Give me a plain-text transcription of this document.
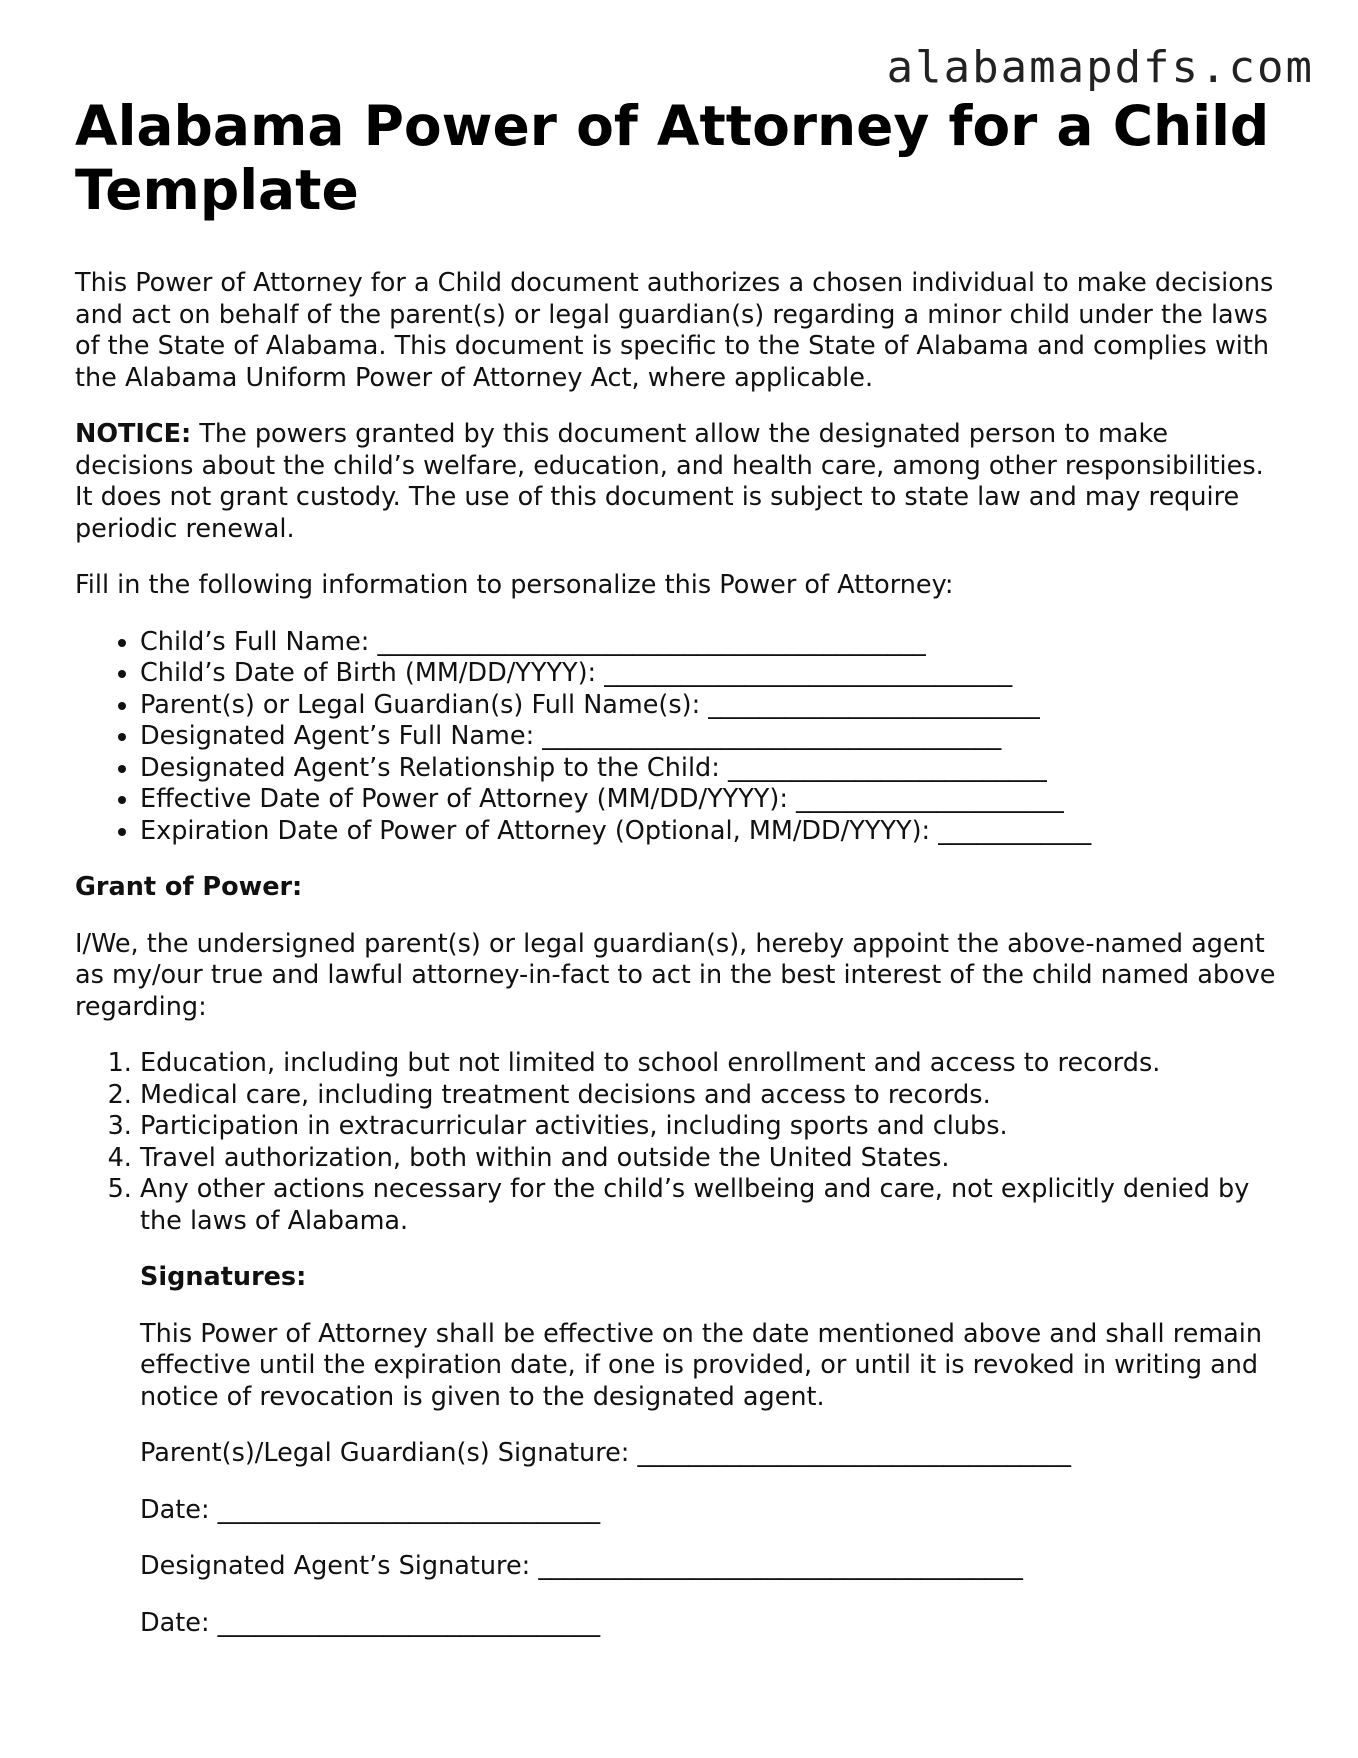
alabamapdfs.com
Alabama Power of Attorney for a Child Template

This Power of Attorney for a Child document authorizes a chosen individual to make decisions and act on behalf of the parent(s) or legal guardian(s) regarding a minor child under the laws of the State of Alabama. This document is specific to the State of Alabama and complies with the Alabama Uniform Power of Attorney Act, where applicable.

NOTICE: The powers granted by this document allow the designated person to make decisions about the child’s welfare, education, and health care, among other responsibilities. It does not grant custody. The use of this document is subject to state law and may require periodic renewal.

Fill in the following information to personalize this Power of Attorney:

• Child’s Full Name: ___________________________________________
• Child’s Date of Birth (MM/DD/YYYY): ________________________________
• Parent(s) or Legal Guardian(s) Full Name(s): __________________________
• Designated Agent’s Full Name: ____________________________________
• Designated Agent’s Relationship to the Child: _________________________
• Effective Date of Power of Attorney (MM/DD/YYYY): _____________________
• Expiration Date of Power of Attorney (Optional, MM/DD/YYYY): ____________
Grant of Power:

I/We, the undersigned parent(s) or legal guardian(s), hereby appoint the above-named agent as my/our true and lawful attorney-in-fact to act in the best interest of the child named above regarding:

1. Education, including but not limited to school enrollment and access to records.
2. Medical care, including treatment decisions and access to records.
3. Participation in extracurricular activities, including sports and clubs.
4. Travel authorization, both within and outside the United States.
5. Any other actions necessary for the child’s wellbeing and care, not explicitly denied by the laws of Alabama.
Signatures:

This Power of Attorney shall be effective on the date mentioned above and shall remain effective until the expiration date, if one is provided, or until it is revoked in writing and notice of revocation is given to the designated agent.

Parent(s)/Legal Guardian(s) Signature: __________________________________

Date: ______________________________

Designated Agent’s Signature: ______________________________________

Date: ______________________________
